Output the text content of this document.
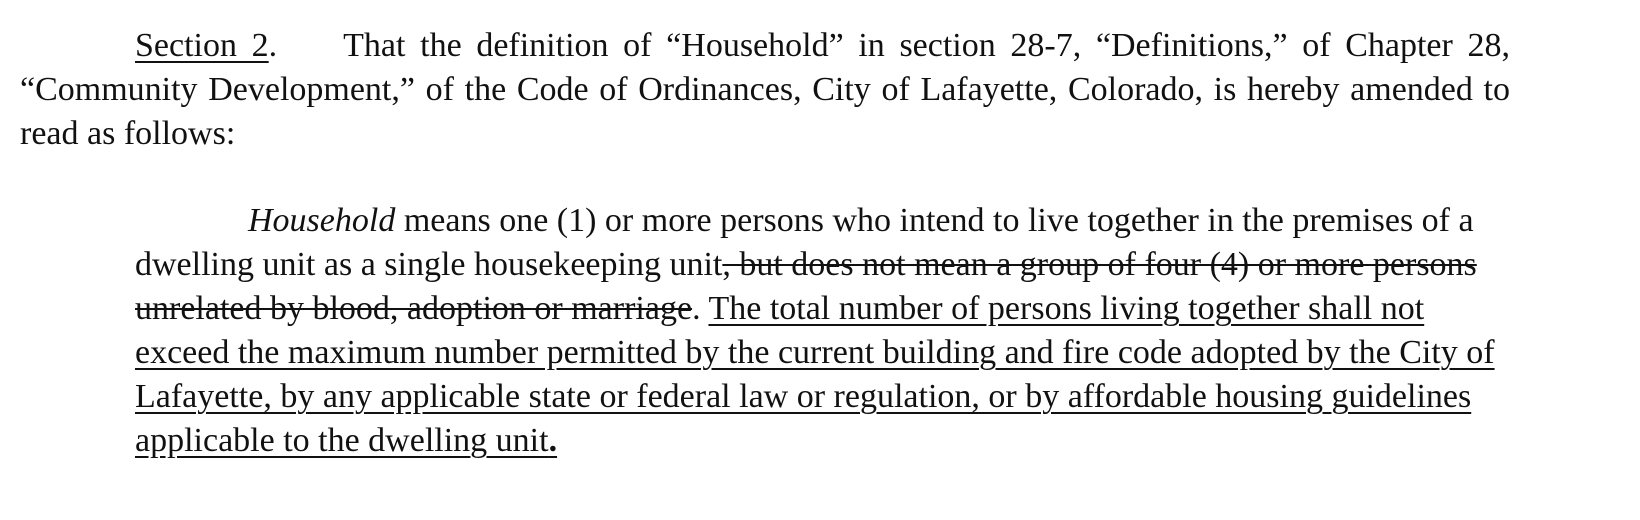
Section 2. That the definition of “Household” in section 28-7, “Definitions,” of Chapter 28, “Community Development,” of the Code of Ordinances, City of Lafayette, Colorado, is hereby amended to read as follows:

Household means one (1) or more persons who intend to live together in the premises of a dwelling unit as a single housekeeping unit, but does not mean a group of four (4) or more persons unrelated by blood, adoption or marriage. The total number of persons living together shall not exceed the maximum number permitted by the current building and fire code adopted by the City of Lafayette, by any applicable state or federal law or regulation, or by affordable housing guidelines applicable to the dwelling unit.
